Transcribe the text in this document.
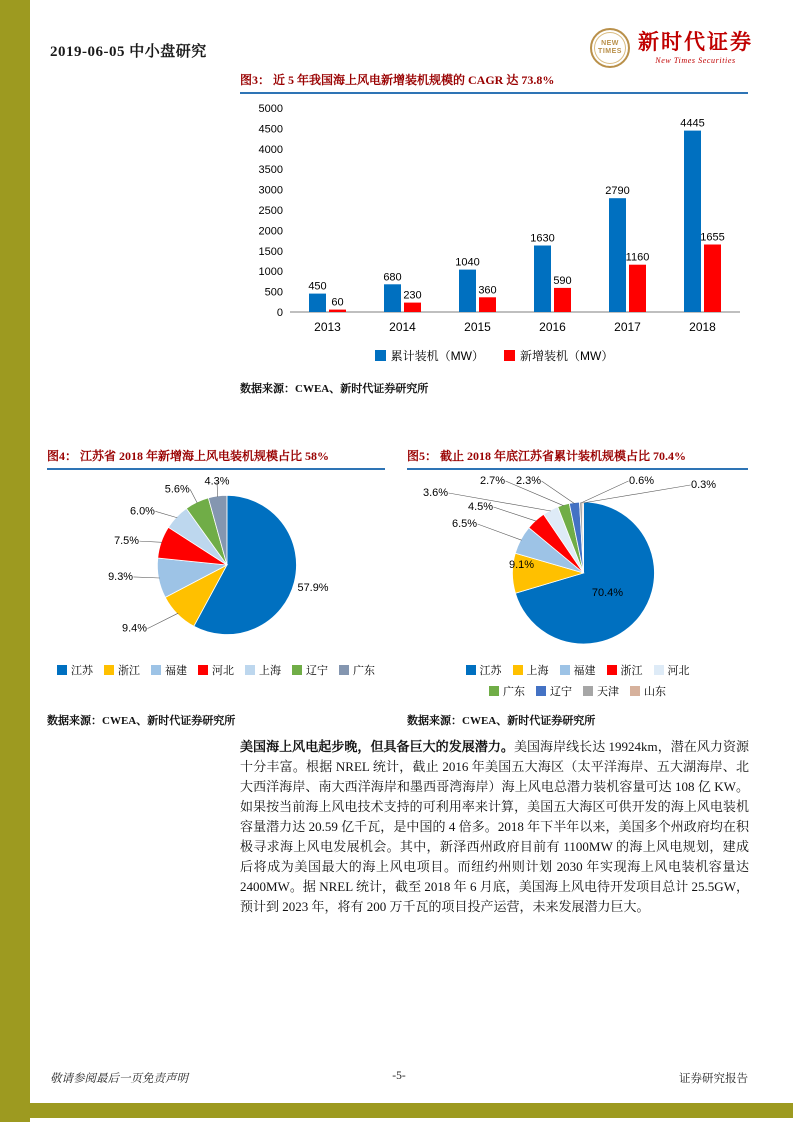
2019-06-05 中小盘研究
NEW
TIMES 新时代证券
New Times Securities
图3： 近 5 年我国海上风电新增装机规模的 CAGR 达 73.8%
0
500
1000
1500
2000
2500
3000
3500
4000
4500
5000
2013
450
60
2014
680
230
2015
1040
360
2016
1630
590
2017
2790
1160
2018
4445
1655
累计装机（MW）	新增装机（MW）
数据来源：CWEA、新时代证券研究所
图4： 江苏省 2018 年新增海上风电装机规模占比 58%
57.9%
9.4%
9.3%
7.5%
6.0%
5.6%
4.3%
江苏	浙江	福建	河北	上海	辽宁	广东
数据来源：CWEA、新时代证券研究所
图5： 截止 2018 年底江苏省累计装机规模占比 70.4%
70.4%
9.1%
6.5%
4.5%
3.6%
2.7% 2.3%	0.6%	0.3%
江苏	上海	福建	浙江	河北
广东	辽宁	天津	山东
数据来源：CWEA、新时代证券研究所
美国海上风电起步晚，但具备巨大的发展潜力。美国海岸线长达 19924km，潜在风力资源十分丰富。根据 NREL 统计，截止 2016 年美国五大海区（太平洋海岸、五大湖海岸、北大西洋海岸、南大西洋海岸和墨西哥湾海岸）海上风电总潜力装机容量可达 108 亿 KW。如果按当前海上风电技术支持的可利用率来计算，美国五大海区可供开发的海上风电装机容量潜力达 20.59 亿千瓦，是中国的 4 倍多。2018 年下半年以来，美国多个州政府均在积极寻求海上风电发展机会。其中，新泽西州政府目前有 1100MW 的海上风电规划，建成后将成为美国最大的海上风电项目。而纽约州则计划 2030 年实现海上风电装机容量达 2400MW。据 NREL 统计，截至 2018 年 6 月底，美国海上风电待开发项目总计 25.5GW，预计到 2023 年，将有 200 万千瓦的项目投产运营，未来发展潜力巨大。
敬请参阅最后一页免责声明	-5-	证券研究报告
